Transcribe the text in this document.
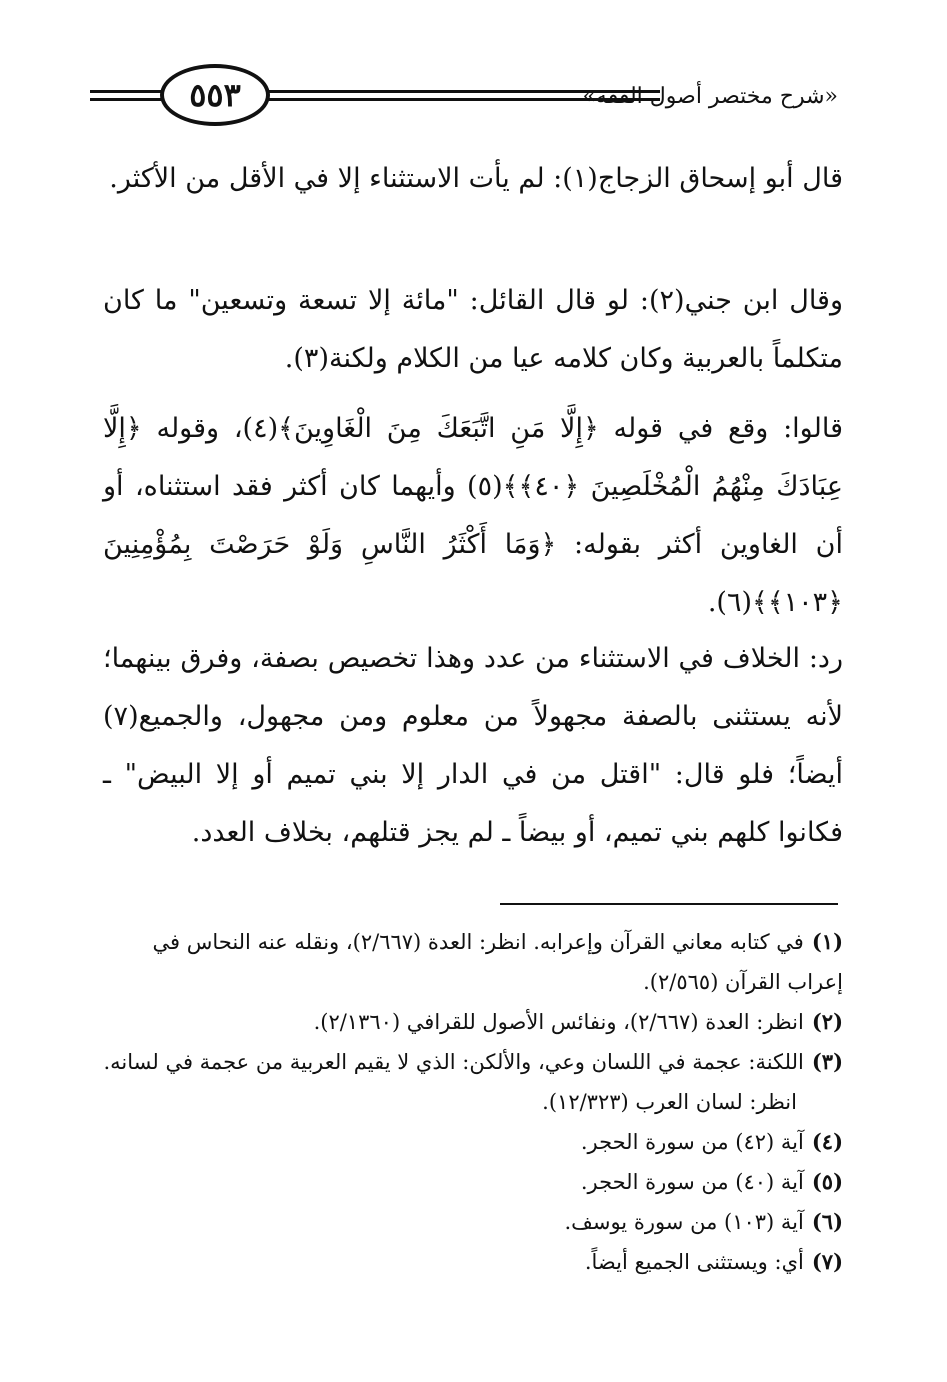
٥٥٣	«شرح مختصر أصول الفقه»
قال أبو إسحاق الزجاج(١): لم يأت الاستثناء إلا في الأقل من الأكثر.
وقال ابن جني(٢): لو قال القائل: "مائة إلا تسعة وتسعين" ما كان متكلماً بالعربية وكان كلامه عيا من الكلام ولكنة(٣).
قالوا: وقع في قوله ﴿إِلَّا مَنِ اتَّبَعَكَ مِنَ الْغَاوِينَ﴾(٤)، وقوله ﴿إِلَّا عِبَادَكَ مِنْهُمُ الْمُخْلَصِينَ ﴿٤٠﴾﴾(٥) وأيهما كان أكثر فقد استثناه، أو أن الغاوين أكثر بقوله: ﴿وَمَا أَكْثَرُ النَّاسِ وَلَوْ حَرَصْتَ بِمُؤْمِنِينَ ﴿١٠٣﴾﴾(٦).
رد: الخلاف في الاستثناء من عدد وهذا تخصيص بصفة، وفرق بينهما؛ لأنه يستثنى بالصفة مجهولاً من معلوم ومن مجهول، والجميع(٧) أيضاً؛ فلو قال: "اقتل من في الدار إلا بني تميم أو إلا البيض" ـ فكانوا كلهم بني تميم، أو بيضاً ـ لم يجز قتلهم، بخلاف العدد.

(١)في كتابه معاني القرآن وإعرابه. انظر: العدة (٢/٦٦٧)، ونقله عنه النحاس في إعراب القرآن (٢/٥٦٥).

(٢)انظر: العدة (٢/٦٦٧)، ونفائس الأصول للقرافي (٢/١٣٦٠).

(٣)اللكنة: عجمة في اللسان وعي، والألكن: الذي لا يقيم العربية من عجمة في لسانه.

انظر: لسان العرب (١٢/٣٢٣).

(٤)آية (٤٢) من سورة الحجر.

(٥)آية (٤٠) من سورة الحجر.

(٦)آية (١٠٣) من سورة يوسف.

(٧)أي: ويستثنى الجميع أيضاً.
